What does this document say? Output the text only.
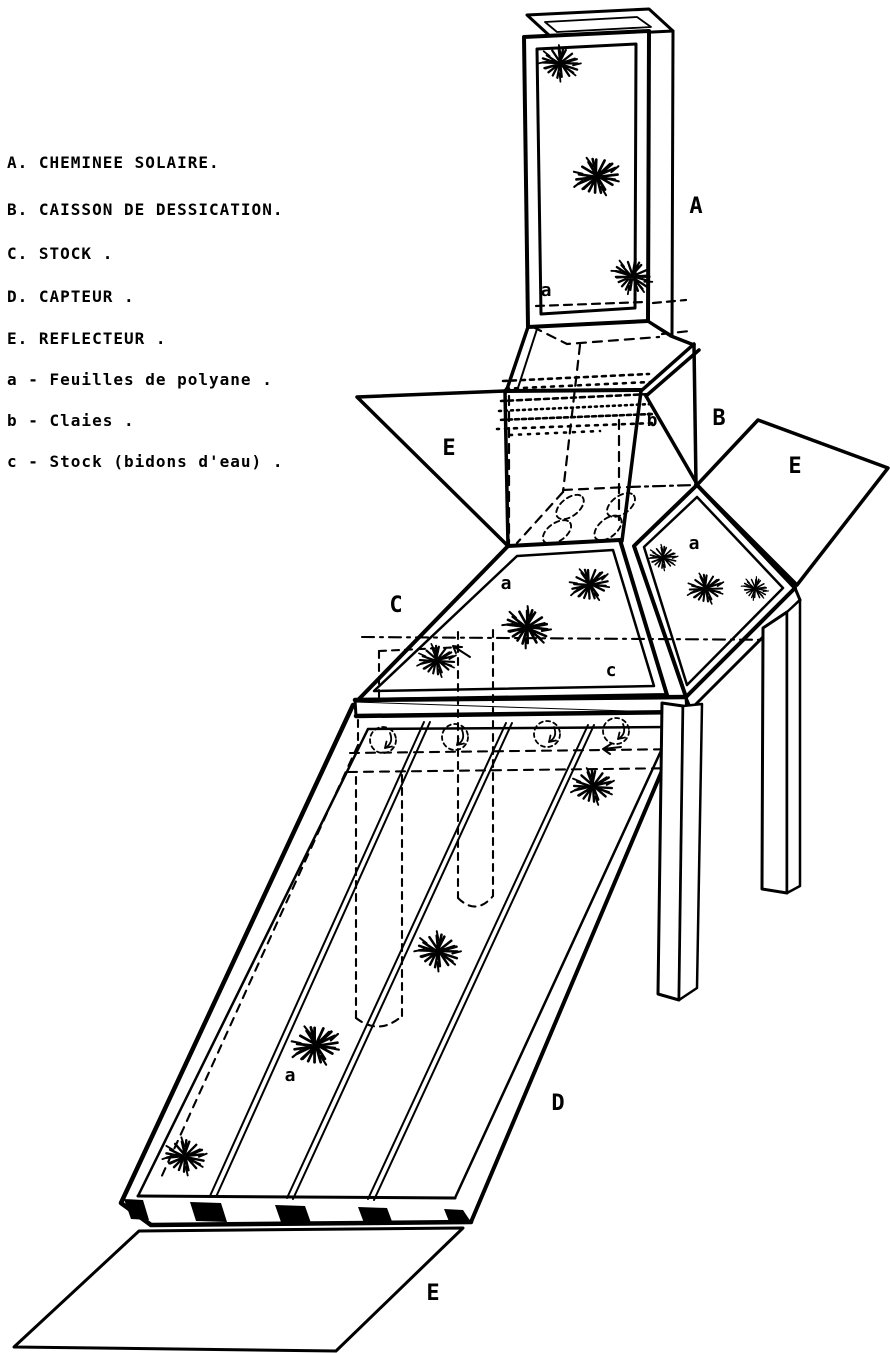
A. CHEMINEE SOLAIRE.
B. CAISSON DE DESSICATION.
C. STOCK .
D. CAPTEUR .
E. REFLECTEUR .
a - Feuilles de polyane .
b - Claies .
c - Stock (bidons d'eau) .
A
B
C
D
E
E
E
a
a
a
a
b
c
